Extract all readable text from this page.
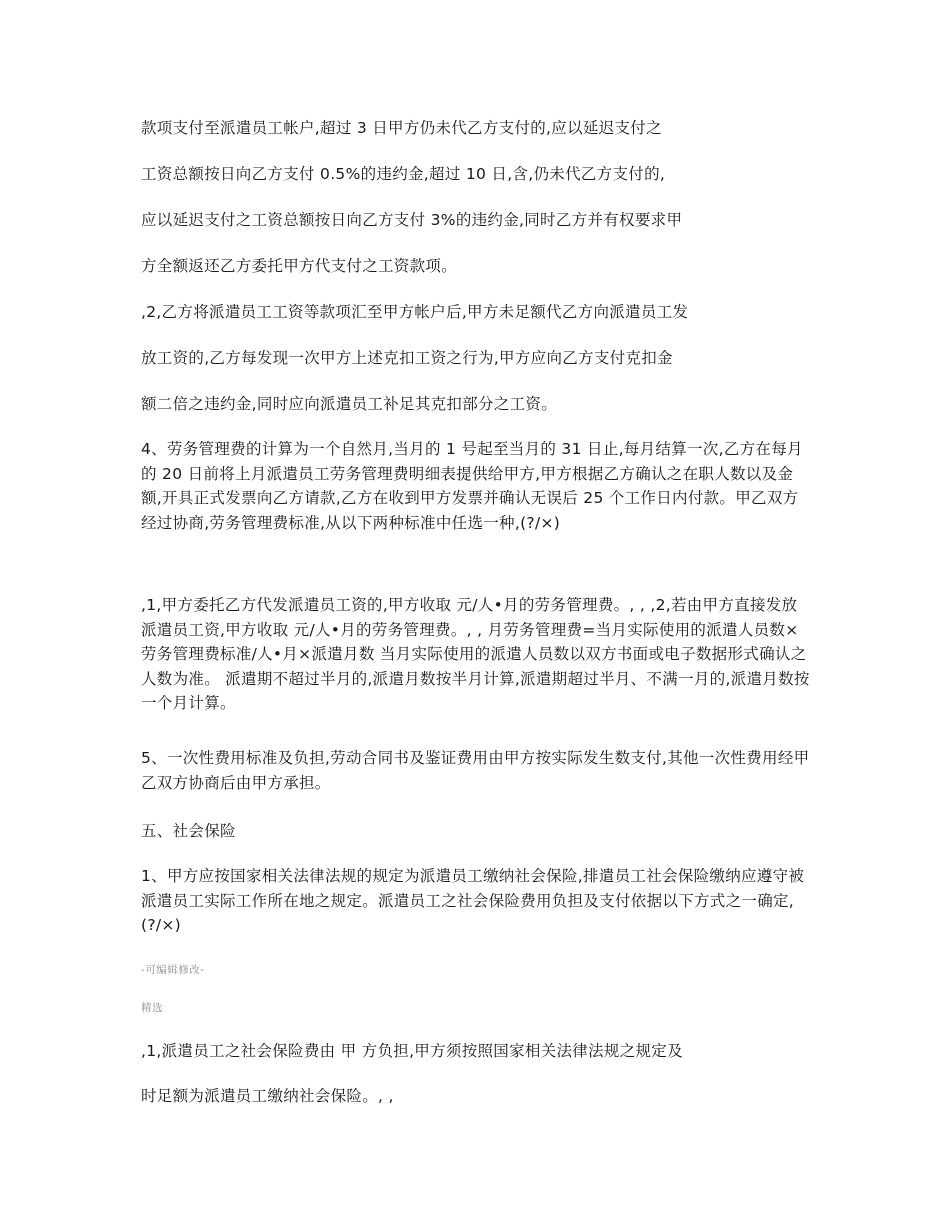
款项支付至派遣员工帐户,超过 3 日甲方仍未代乙方支付的,应以延迟支付之

工资总额按日向乙方支付 0.5%的违约金,超过 10 日,含,仍未代乙方支付的,

应以延迟支付之工资总额按日向乙方支付 3%的违约金,同时乙方并有权要求甲

方全额返还乙方委托甲方代支付之工资款项。

,2,乙方将派遣员工工资等款项汇至甲方帐户后,甲方未足额代乙方向派遣员工发

放工资的,乙方每发现一次甲方上述克扣工资之行为,甲方应向乙方支付克扣金

额二倍之违约金,同时应向派遣员工补足其克扣部分之工资。

4、劳务管理费的计算为一个自然月,当月的 1 号起至当月的 31 日止,每月结算一次,乙方在每月的 20 日前将上月派遣员工劳务管理费明细表提供给甲方,甲方根据乙方确认之在职人数以及金额,开具正式发票向乙方请款,乙方在收到甲方发票并确认无误后 25 个工作日内付款。甲乙双方经过协商,劳务管理费标准,从以下两种标准中任选一种,(?/×)

,1,甲方委托乙方代发派遣员工资的,甲方收取 元/人•月的劳务管理费。, , ,2,若由甲方直接发放派遣员工资,甲方收取 元/人•月的劳务管理费。, , 月劳务管理费=当月实际使用的派遣人员数×劳务管理费标准/人•月×派遣月数 当月实际使用的派遣人员数以双方书面或电子数据形式确认之人数为准。 派遣期不超过半月的,派遣月数按半月计算,派遣期超过半月、不满一月的,派遣月数按一个月计算。

5、一次性费用标准及负担,劳动合同书及鉴证费用由甲方按实际发生数支付,其他一次性费用经甲乙双方协商后由甲方承担。

五、社会保险

1、甲方应按国家相关法律法规的规定为派遣员工缴纳社会保险,排遣员工社会保险缴纳应遵守被派遣员工实际工作所在地之规定。派遣员工之社会保险费用负担及支付依据以下方式之一确定,(?/×)

-可编辑修改-
精选

,1,派遣员工之社会保险费由 甲 方负担,甲方须按照国家相关法律法规之规定及

时足额为派遣员工缴纳社会保险。, ,
